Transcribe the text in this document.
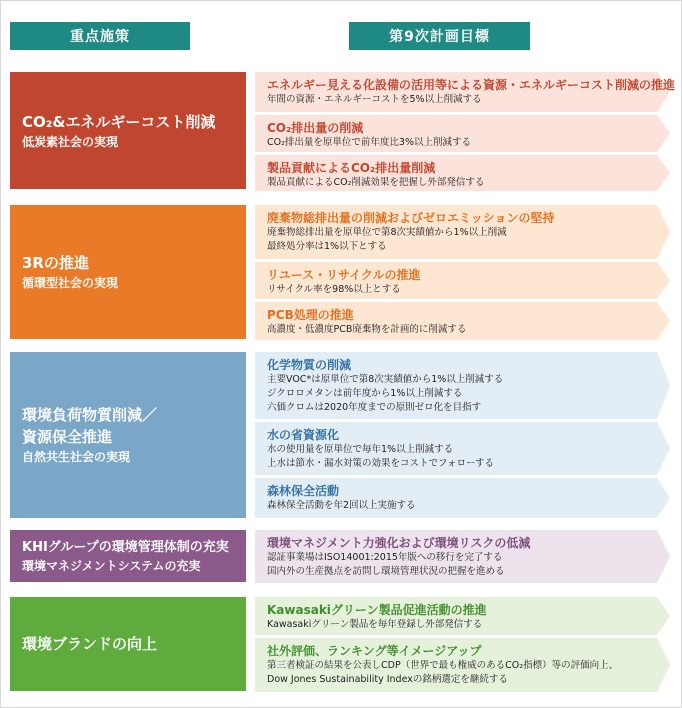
重点施策	第9次計画目標
CO₂&エネルギーコスト削減
低炭素社会の実現
エネルギー見える化設備の活用等による資源・エネルギーコスト削減の推進
年間の資源・エネルギーコストを5%以上削減する
CO₂排出量の削減
CO₂排出量を原単位で前年度比3%以上削減する
製品貢献によるCO₂排出量削減
製品貢献によるCO₂削減効果を把握し外部発信する
3Rの推進
循環型社会の実現
廃棄物総排出量の削減およびゼロエミッションの堅持
廃棄物総排出量を原単位で第8次実績値から1%以上削減
最終処分率は1%以下とする
リユース・リサイクルの推進
リサイクル率を98%以上とする
PCB処理の推進
高濃度・低濃度PCB廃棄物を計画的に削減する
環境負荷物質削減／
資源保全推進
自然共生社会の実現
化学物質の削減
主要VOC*は原単位で第8次実績値から1%以上削減する
ジクロロメタンは前年度から1%以上削減する
六価クロムは2020年度までの原則ゼロ化を目指す
水の省資源化
水の使用量を原単位で毎年1%以上削減する
上水は節水・漏水対策の効果をコストでフォローする
森林保全活動
森林保全活動を年2回以上実施する
KHIグループの環境管理体制の充実
環境マネジメントシステムの充実
環境マネジメント力強化および環境リスクの低減
認証事業場はISO14001:2015年版への移行を完了する
国内外の生産拠点を訪問し環境管理状況の把握を進める
環境ブランドの向上
Kawasakiグリーン製品促進活動の推進
Kawasakiグリーン製品を毎年登録し外部発信する
社外評価、ランキング等イメージアップ
第三者検証の結果を公表しCDP（世界で最も権威のあるCO₂指標）等の評価向上、
Dow Jones Sustainability Indexの銘柄選定を継続する
